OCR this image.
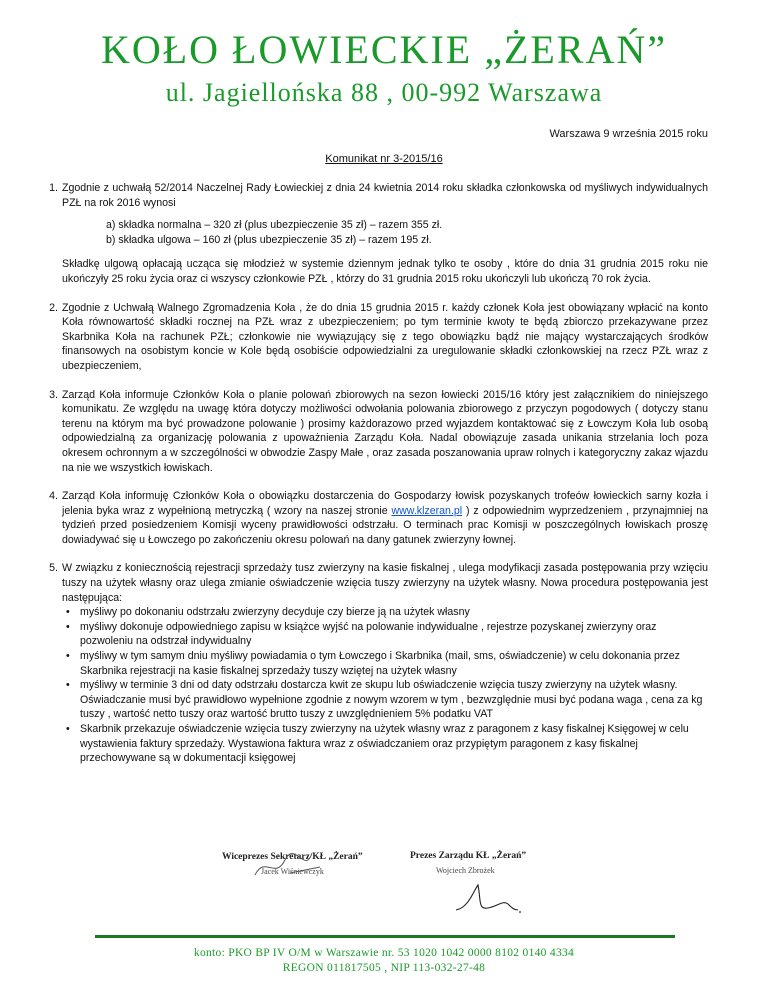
KOŁO ŁOWIECKIE „ŻERAŃ”
ul. Jagiellońska 88 , 00-992 Warszawa
Warszawa 9 września 2015 roku
Komunikat nr 3-2015/16
1. Zgodnie z uchwałą 52/2014 Naczelnej Rady Łowieckiej z dnia 24 kwietnia 2014 roku składka członkowska od myśliwych indywidualnych PZŁ na rok 2016 wynosi

a) składka normalna – 320 zł (plus ubezpieczenie 35 zł) – razem 355 zł.
b) składka ulgowa – 160 zł (plus ubezpieczenie 35 zł) – razem 195 zł.

Składkę ulgową opłacają ucząca się młodzież w systemie dziennym jednak tylko te osoby , które do dnia 31 grudnia 2015 roku nie ukończyły 25 roku życia oraz ci wszyscy członkowie PZŁ , którzy do 31 grudnia 2015 roku ukończyli lub ukończą 70 rok życia.

2. Zgodnie z Uchwałą Walnego Zgromadzenia Koła , że do dnia 15 grudnia 2015 r. każdy członek Koła jest obowiązany wpłacić na konto Koła równowartość składki rocznej na PZŁ wraz z ubezpieczeniem; po tym terminie kwoty te będą zbiorczo przekazywane przez Skarbnika Koła na rachunek PZŁ; członkowie nie wywiązujący się z tego obowiązku bądź nie mający wystarczających środków finansowych na osobistym koncie w Kole będą osobiście odpowiedzialni za uregulowanie składki członkowskiej na rzecz PZŁ wraz z ubezpieczeniem,

3. Zarząd Koła informuje Członków Koła o planie polowań zbiorowych na sezon łowiecki 2015/16 który jest załącznikiem do niniejszego komunikatu. Ze względu na uwagę która dotyczy możliwości odwołania polowania zbiorowego z przyczyn pogodowych ( dotyczy stanu terenu na którym ma być prowadzone polowanie ) prosimy każdorazowo przed wyjazdem kontaktować się z Łowczym Koła lub osobą odpowiedzialną za organizację polowania z upoważnienia Zarządu Koła. Nadal obowiązuje zasada unikania strzelania loch poza okresem ochronnym a w szczególności w obwodzie Zaspy Małe , oraz zasada poszanowania upraw rolnych i kategoryczny zakaz wjazdu na nie we wszystkich łowiskach.

4. Zarząd Koła informuję Członków Koła o obowiązku dostarczenia do Gospodarzy łowisk pozyskanych trofeów łowieckich sarny kozła i jelenia byka wraz z wypełnioną metryczką ( wzory na naszej stronie www.klzeran.pl ) z odpowiednim wyprzedzeniem , przynajmniej na tydzień przed posiedzeniem Komisji wyceny prawidłowości odstrzału. O terminach prac Komisji w poszczególnych łowiskach proszę dowiadywać się u Łowczego po zakończeniu okresu polowań na dany gatunek zwierzyny łownej.

5. W związku z koniecznością rejestracji sprzedaży tusz zwierzyny na kasie fiskalnej , ulega modyfikacji zasada postępowania przy wzięciu tuszy na użytek własny oraz ulega zmianie oświadczenie wzięcia tuszy zwierzyny na użytek własny. Nowa procedura postępowania jest następująca:

• myśliwy po dokonaniu odstrzału zwierzyny decyduje czy bierze ją na użytek własny
• myśliwy dokonuje odpowiedniego zapisu w książce wyjść na polowanie indywidualne , rejestrze pozyskanej zwierzyny oraz pozwoleniu na odstrzał indywidualny
• myśliwy w tym samym dniu myśliwy powiadamia o tym Łowczego i Skarbnika (mail, sms, oświadczenie) w celu dokonania przez Skarbnika rejestracji na kasie fiskalnej sprzedaży tuszy wziętej na użytek własny
• myśliwy w terminie 3 dni od daty odstrzału dostarcza kwit ze skupu lub oświadczenie wzięcia tuszy zwierzyny na użytek własny. Oświadczanie musi być prawidłowo wypełnione zgodnie z nowym wzorem w tym , bezwzględnie musi być podana waga , cena za kg tuszy , wartość netto tuszy oraz wartość brutto tuszy z uwzględnieniem 5% podatku VAT
• Skarbnik przekazuje oświadczenie wzięcia tuszy zwierzyny na użytek własny wraz z paragonem z kasy fiskalnej Księgowej w celu wystawienia faktury sprzedaży. Wystawiona faktura wraz z oświadczaniem oraz przypiętym paragonem z kasy fiskalnej przechowywane są w dokumentacji księgowej
Wiceprezes Sekretarz KŁ „Żerań”
Jacek Wiśniewczyk
Prezes Zarządu KŁ „Żerań”
Wojciech Zbrożek
konto: PKO BP IV O/M w Warszawie nr. 53 1020 1042 0000 8102 0140 4334
REGON 011817505 , NIP 113-032-27-48
